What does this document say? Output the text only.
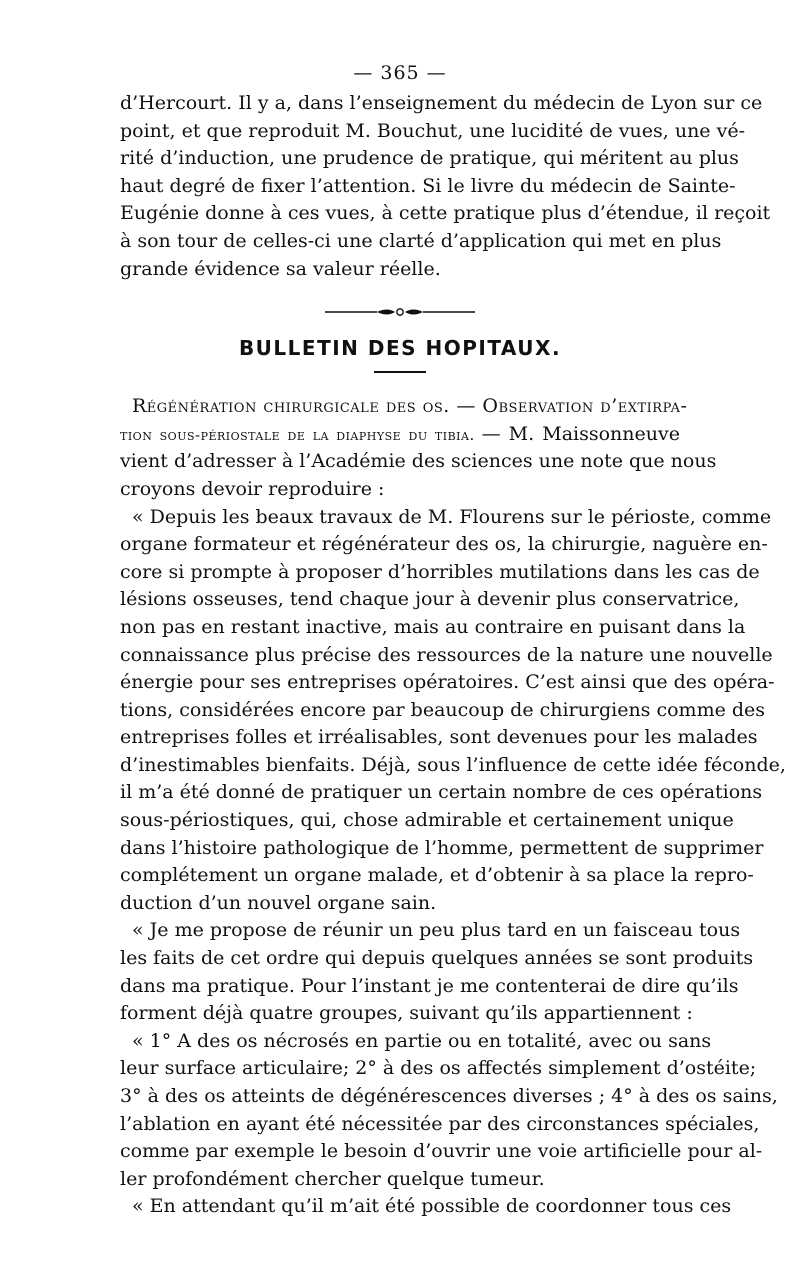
— 365 —
d’Hercourt. Il y a, dans l’enseignement du médecin de Lyon sur ce
point, et que reproduit M. Bouchut, une lucidité de vues, une vé-
rité d’induction, une prudence de pratique, qui méritent au plus
haut degré de fixer l’attention. Si le livre du médecin de Sainte-
Eugénie donne à ces vues, à cette pratique plus d’étendue, il reçoit
à son tour de celles-ci une clarté d’application qui met en plus
grande évidence sa valeur réelle.
BULLETIN DES HOPITAUX.
Régénération chirurgicale des os. — Observation d’extirpa-
tion sous-périostale de la diaphyse du tibia. — M. Maissonneuve
vient d’adresser à l’Académie des sciences une note que nous
croyons devoir reproduire :
« Depuis les beaux travaux de M. Flourens sur le périoste, comme
organe formateur et régénérateur des os, la chirurgie, naguère en-
core si prompte à proposer d’horribles mutilations dans les cas de
lésions osseuses, tend chaque jour à devenir plus conservatrice,
non pas en restant inactive, mais au contraire en puisant dans la
connaissance plus précise des ressources de la nature une nouvelle
énergie pour ses entreprises opératoires. C’est ainsi que des opéra-
tions, considérées encore par beaucoup de chirurgiens comme des
entreprises folles et irréalisables, sont devenues pour les malades
d’inestimables bienfaits. Déjà, sous l’influence de cette idée féconde,
il m’a été donné de pratiquer un certain nombre de ces opérations
sous-périostiques, qui, chose admirable et certainement unique
dans l’histoire pathologique de l’homme, permettent de supprimer
complétement un organe malade, et d’obtenir à sa place la repro-
duction d’un nouvel organe sain.
« Je me propose de réunir un peu plus tard en un faisceau tous
les faits de cet ordre qui depuis quelques années se sont produits
dans ma pratique. Pour l’instant je me contenterai de dire qu’ils
forment déjà quatre groupes, suivant qu’ils appartiennent :
« 1° A des os nécrosés en partie ou en totalité, avec ou sans
leur surface articulaire; 2° à des os affectés simplement d’ostéite;
3° à des os atteints de dégénérescences diverses ; 4° à des os sains,
l’ablation en ayant été nécessitée par des circonstances spéciales,
comme par exemple le besoin d’ouvrir une voie artificielle pour al-
ler profondément chercher quelque tumeur.
« En attendant qu’il m’ait été possible de coordonner tous ces
